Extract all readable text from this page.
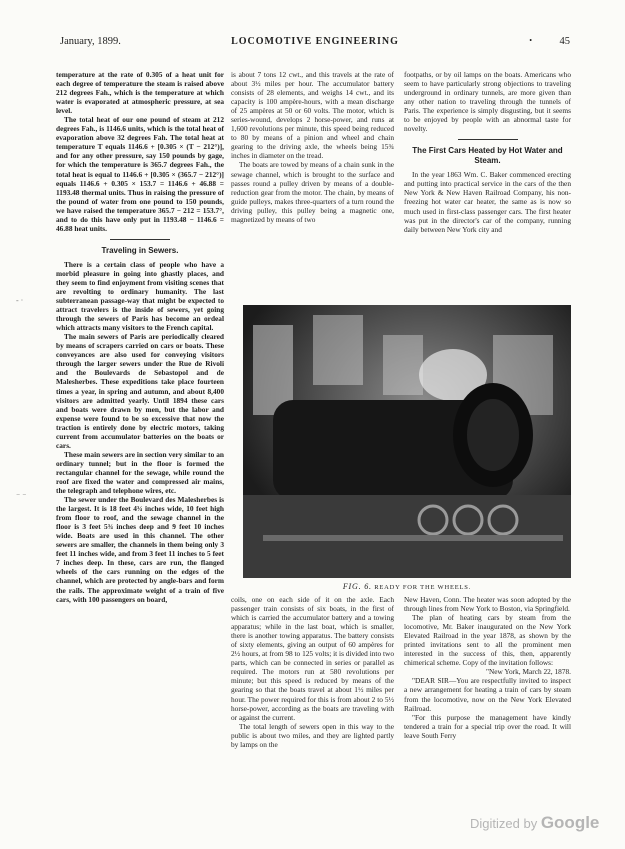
January, 1899.	LOCOMOTIVE ENGINEERING	•	45
- ·
⁻ ⁻

temperature at the rate of 0.305 of a heat unit for each degree of temperature the steam is raised above 212 degrees Fah., which is the temperature at which water is evaporated at atmospheric pressure, at sea level.

The total heat of our one pound of steam at 212 degrees Fah., is 1146.6 units, which is the total heat of evaporation above 32 degrees Fah. The total heat at temperature T equals 1146.6 + [0.305 × (T − 212°)], and for any other pressure, say 150 pounds by gage, for which the temperature is 365.7 degrees Fah., the total heat is equal to 1146.6 + [0.305 × (365.7 − 212°)] equals 1146.6 + 0.305 × 153.7 = 1146.6 + 46.88 = 1193.48 thermal units. Thus in raising the pressure of the pound of water from one pound to 150 pounds, we have raised the temperature 365.7 − 212 = 153.7°, and to do this have only put in 1193.48 − 1146.6 = 46.88 heat units.

Traveling in Sewers.

There is a certain class of people who have a morbid pleasure in going into ghastly places, and they seem to find enjoyment from visiting scenes that are revolting to ordinary humanity. The last subterranean passage-way that might be expected to attract travelers is the inside of sewers, yet going through the sewers of Paris has become an ordeal which attracts many visitors to the French capital.

The main sewers of Paris are periodically cleared by means of scrapers carried on cars or boats. These conveyances are also used for conveying visitors through the larger sewers under the Rue de Rivoli and the Boulevards de Sebastopol and de Malesherbes. These expeditions take place fourteen times a year, in spring and autumn, and about 8,400 visitors are admitted yearly. Until 1894 these cars and boats were drawn by men, but the labor and expense were found to be so excessive that now the traction is entirely done by electric motors, taking current from accumulator batteries on the boats or cars.

These main sewers are in section very similar to an ordinary tunnel; but in the floor is formed the rectangular channel for the sewage, while round the roof are fixed the water and compressed air mains, the telegraph and telephone wires, etc.

The sewer under the Boulevard des Malesherbes is the largest. It is 18 feet 4¾ inches wide, 10 feet high from floor to roof, and the sewage channel in the floor is 3 feet 5¾ inches deep and 9 feet 10 inches wide. Boats are used in this channel. The other sewers are smaller, the channels in them being only 3 feet 11 inches wide, and from 3 feet 11 inches to 5 feet 7 inches deep. In these, cars are run, the flanged wheels of the cars running on the edges of the channel, which are protected by angle-bars and form the rails. The approximate weight of a train of five cars, with 100 passengers on board,

is about 7 tons 12 cwt., and this travels at the rate of about 3½ miles per hour. The accumulator battery consists of 28 elements, and weighs 14 cwt., and its capacity is 100 ampère-hours, with a mean discharge of 25 ampères at 50 or 60 volts. The motor, which is series-wound, develops 2 horse-power, and runs at 1,600 revolutions per minute, this speed being reduced to 80 by means of a pinion and wheel and chain gearing to the driving axle, the wheels being 15¾ inches in diameter on the tread.

The boats are towed by means of a chain sunk in the sewage channel, which is brought to the surface and passes round a pulley driven by means of a double-reduction gear from the motor. The chain, by means of guide pulleys, makes three-quarters of a turn round the driving pulley, this pulley being a magnetic one, magnetized by means of two

footpaths, or by oil lamps on the boats. Americans who seem to have particularly strong objections to traveling underground in ordinary tunnels, are more given than any other nation to traveling through the tunnels of Paris. The experience is simply disgusting, but it seems to be enjoyed by people with an abnormal taste for novelty.

The First Cars Heated by Hot Water and Steam.

In the year 1863 Wm. C. Baker commenced erecting and putting into practical service in the cars of the then New York & New Haven Railroad Company, his non-freezing hot water car heater, the same as is now so much used in first-class passenger cars. The first heater was put in the director's car of the company, running daily between New York city and

FIG. 6. READY FOR THE WHEELS.

coils, one on each side of it on the axle. Each passenger train consists of six boats, in the first of which is carried the accumulator battery and a towing apparatus; while in the last boat, which is smaller, there is another towing apparatus. The battery consists of sixty elements, giving an output of 60 ampères for 2½ hours, at from 98 to 125 volts; it is divided into two parts, which can be connected in series or parallel as required. The motors run at 580 revolutions per minute; but this speed is reduced by means of the gearing so that the boats travel at about 1½ miles per hour. The power required for this is from about 2 to 5½ horse-power, according as the boats are traveling with or against the current.

The total length of sewers open in this way to the public is about two miles, and they are lighted partly by lamps on the

New Haven, Conn. The heater was soon adopted by the through lines from New York to Boston, via Springfield.

The plan of heating cars by steam from the locomotive, Mr. Baker inaugurated on the New York Elevated Railroad in the year 1878, as shown by the printed invitations sent to all the prominent men interested in the success of this, then, apparently chimerical scheme. Copy of the invitation follows:

"New York, March 22, 1878.

"DEAR SIR—You are respectfully invited to inspect a new arrangement for heating a train of cars by steam from the locomotive, now on the New York Elevated Railroad.

"For this purpose the management have kindly tendered a train for a special trip over the road. It will leave South Ferry

Digitized by Google
